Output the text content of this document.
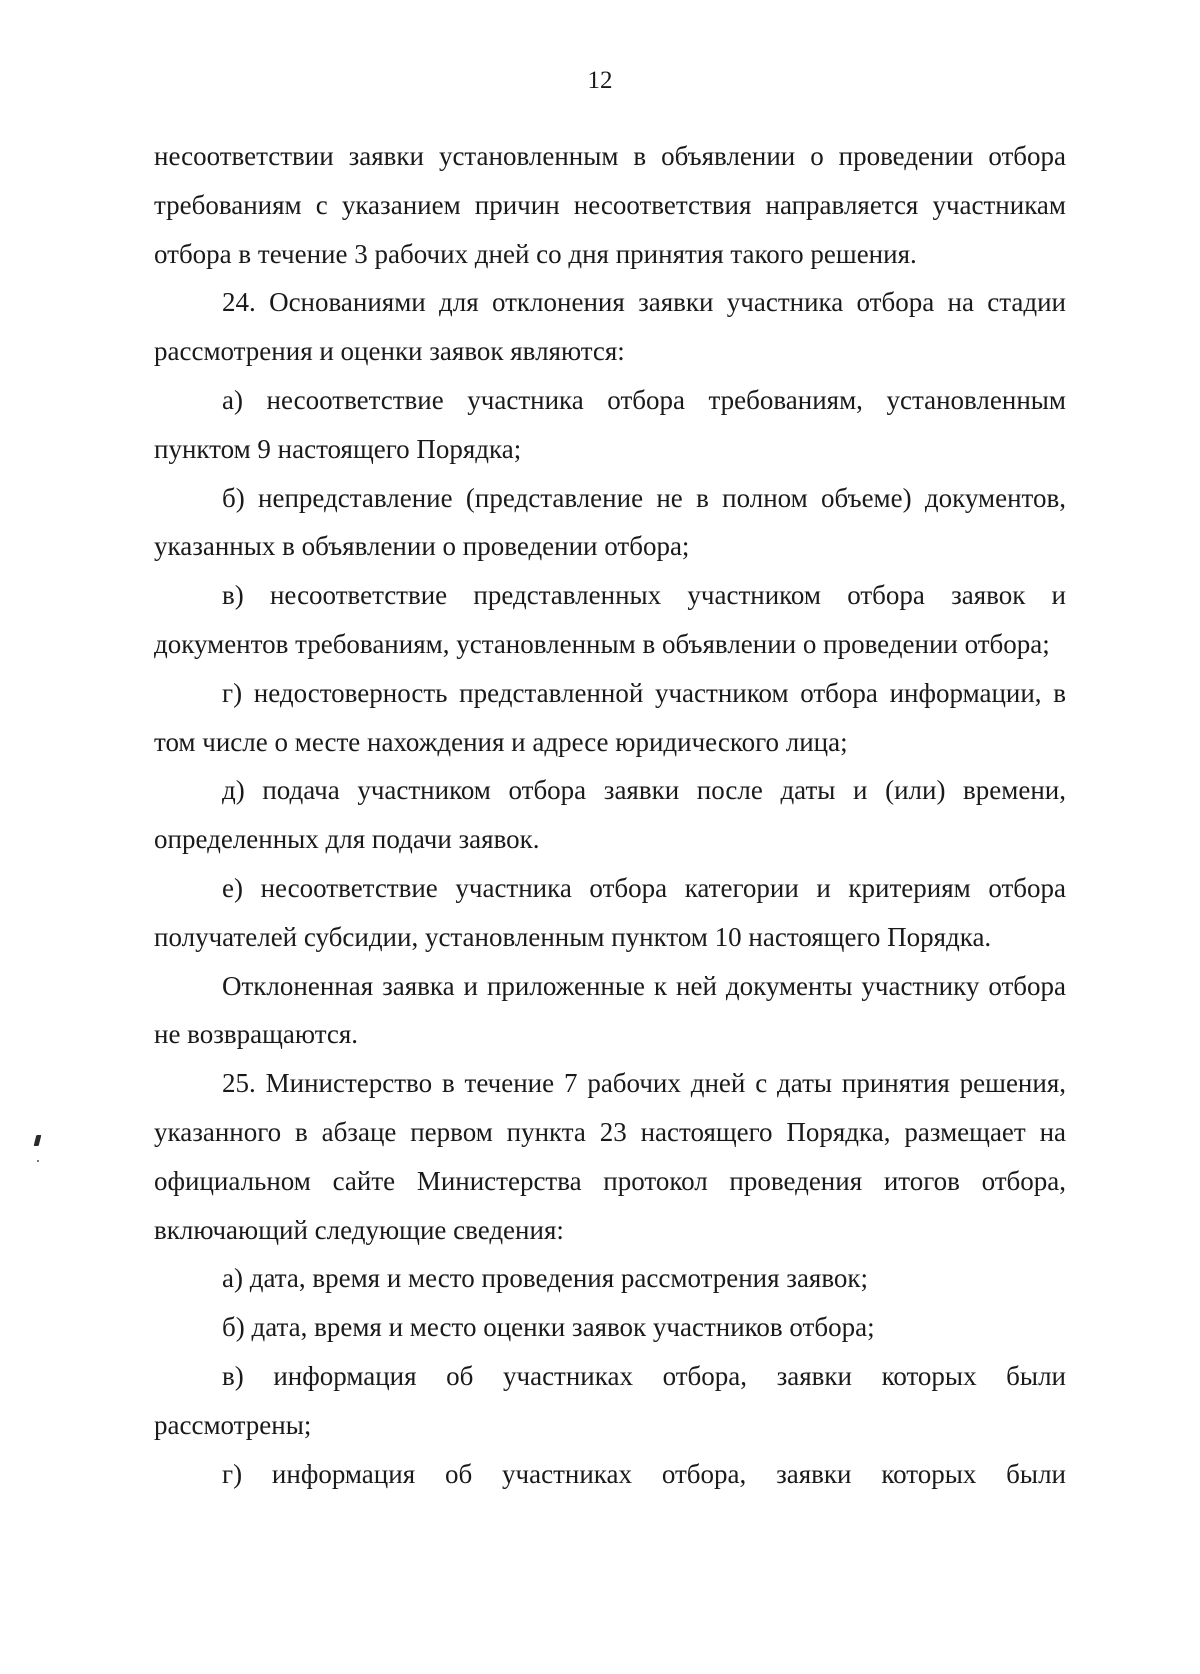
12

несоответствии заявки установленным в объявлении о проведении отбора требованиям с указанием причин несоответствия направляется участникам отбора в течение 3 рабочих дней со дня принятия такого решения.

24. Основаниями для отклонения заявки участника отбора на стадии рассмотрения и оценки заявок являются:

а) несоответствие участника отбора требованиям, установленным пунктом 9 настоящего Порядка;

б) непредставление (представление не в полном объеме) документов, указанных в объявлении о проведении отбора;

в) несоответствие представленных участником отбора заявок и документов требованиям, установленным в объявлении о проведении отбора;

г) недостоверность представленной участником отбора информации, в том числе о месте нахождения и адресе юридического лица;

д) подача участником отбора заявки после даты и (или) времени, определенных для подачи заявок.

е) несоответствие участника отбора категории и критериям отбора получателей субсидии, установленным пунктом 10 настоящего Порядка.

Отклоненная заявка и приложенные к ней документы участнику отбора не возвращаются.

25. Министерство в течение 7 рабочих дней с даты принятия решения, указанного в абзаце первом пункта 23 настоящего Порядка, размещает на официальном сайте Министерства протокол проведения итогов отбора, включающий следующие сведения:

а) дата, время и место проведения рассмотрения заявок;

б) дата, время и место оценки заявок участников отбора;

в) информация об участниках отбора, заявки которых были рассмотрены;

г) информация об участниках отбора, заявки которых были
